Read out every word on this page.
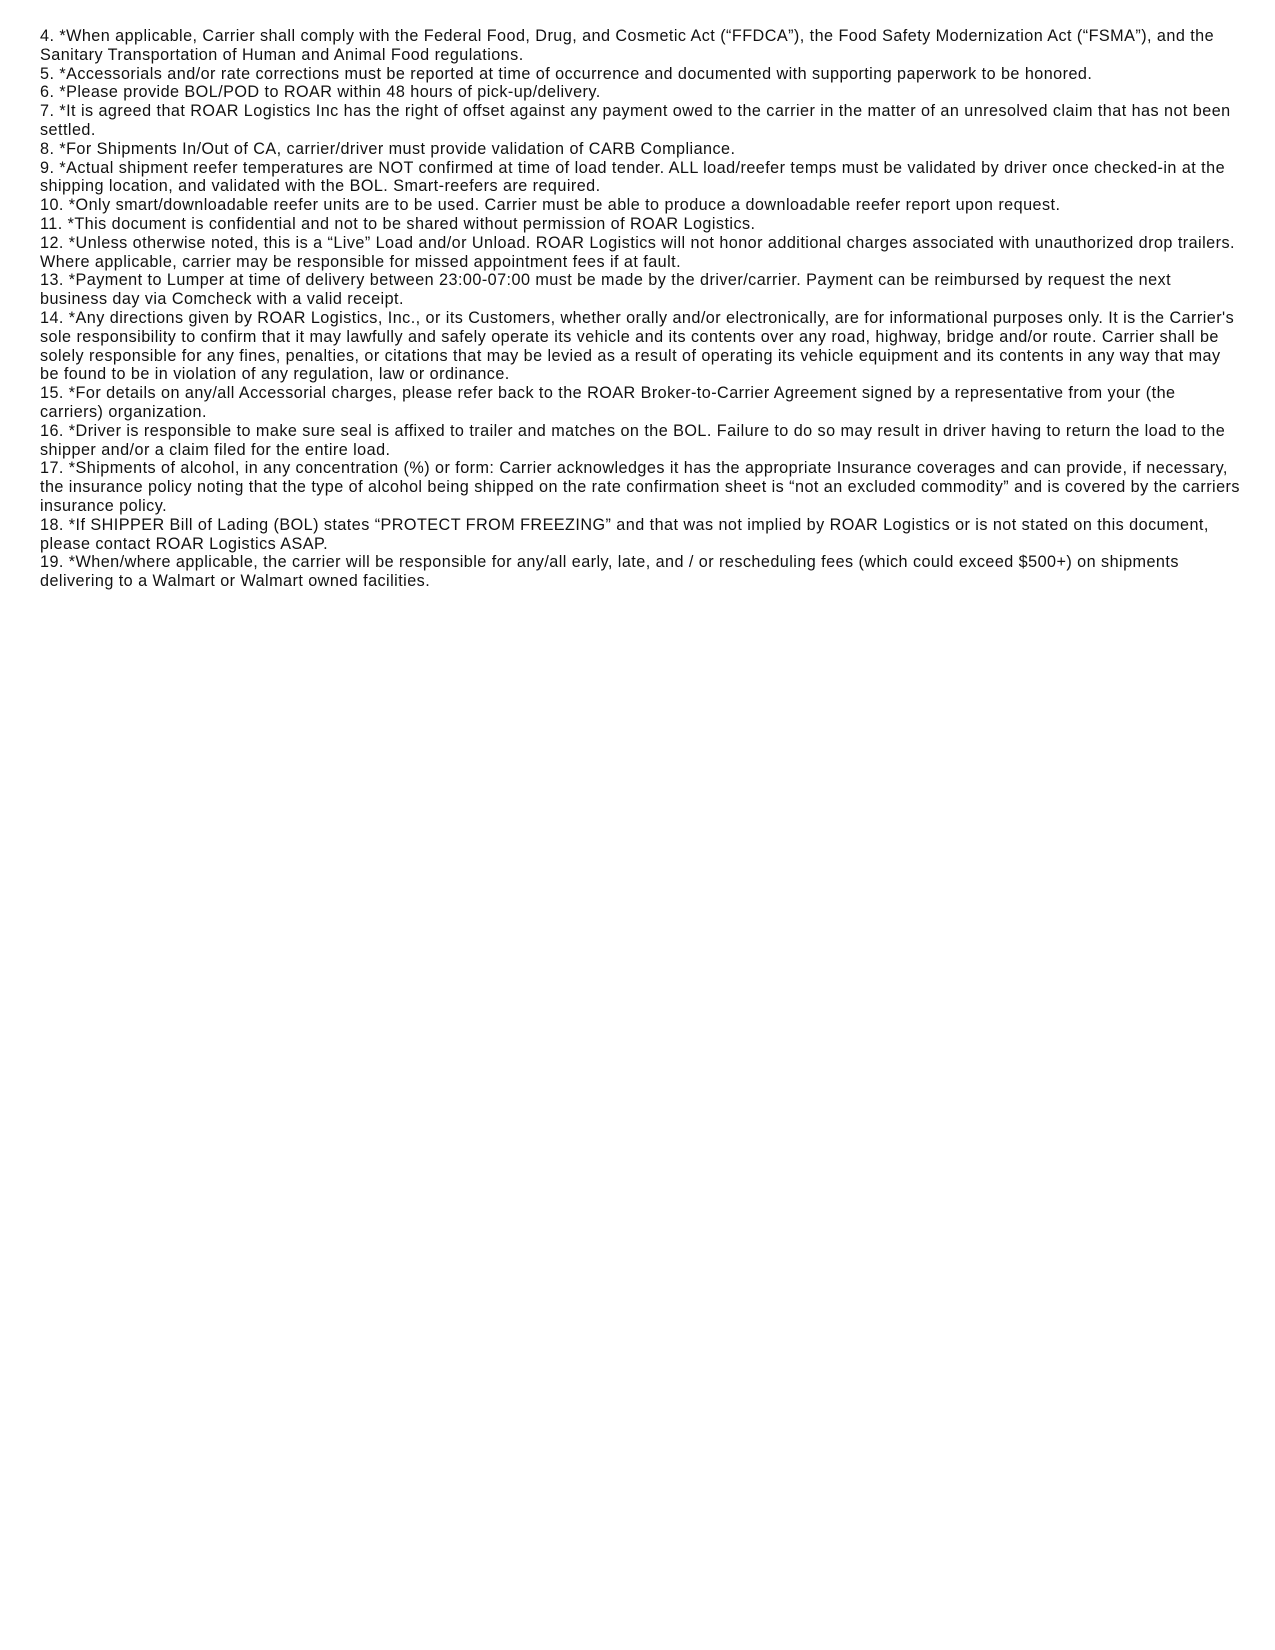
4. *When applicable, Carrier shall comply with the Federal Food, Drug, and Cosmetic Act (“FFDCA”), the Food Safety Modernization Act (“FSMA”), and the Sanitary Transportation of Human and Animal Food regulations.
5. *Accessorials and/or rate corrections must be reported at time of occurrence and documented with supporting paperwork to be honored.
6. *Please provide BOL/POD to ROAR within 48 hours of pick-up/delivery.
7. *It is agreed that ROAR Logistics Inc has the right of offset against any payment owed to the carrier in the matter of an unresolved claim that has not been settled.
8. *For Shipments In/Out of CA, carrier/driver must provide validation of CARB Compliance.
9. *Actual shipment reefer temperatures are NOT confirmed at time of load tender. ALL load/reefer temps must be validated by driver once checked-in at the shipping location, and validated with the BOL. Smart-reefers are required.
10. *Only smart/downloadable reefer units are to be used. Carrier must be able to produce a downloadable reefer report upon request.
11. *This document is confidential and not to be shared without permission of ROAR Logistics.
12. *Unless otherwise noted, this is a “Live” Load and/or Unload. ROAR Logistics will not honor additional charges associated with unauthorized drop trailers. Where applicable, carrier may be responsible for missed appointment fees if at fault.
13. *Payment to Lumper at time of delivery between 23:00-07:00 must be made by the driver/carrier. Payment can be reimbursed by request the next business day via Comcheck with a valid receipt.
14. *Any directions given by ROAR Logistics, Inc., or its Customers, whether orally and/or electronically, are for informational purposes only. It is the Carrier's sole responsibility to confirm that it may lawfully and safely operate its vehicle and its contents over any road, highway, bridge and/or route. Carrier shall be solely responsible for any fines, penalties, or citations that may be levied as a result of operating its vehicle equipment and its contents in any way that may be found to be in violation of any regulation, law or ordinance.
15. *For details on any/all Accessorial charges, please refer back to the ROAR Broker-to-Carrier Agreement signed by a representative from your (the carriers) organization.
16. *Driver is responsible to make sure seal is affixed to trailer and matches on the BOL. Failure to do so may result in driver having to return the load to the shipper and/or a claim filed for the entire load.
17. *Shipments of alcohol, in any concentration (%) or form: Carrier acknowledges it has the appropriate Insurance coverages and can provide, if necessary, the insurance policy noting that the type of alcohol being shipped on the rate confirmation sheet is “not an excluded commodity” and is covered by the carriers insurance policy.
18. *If SHIPPER Bill of Lading (BOL) states “PROTECT FROM FREEZING” and that was not implied by ROAR Logistics or is not stated on this document, please contact ROAR Logistics ASAP.
19. *When/where applicable, the carrier will be responsible for any/all early, late, and / or rescheduling fees (which could exceed $500+) on shipments delivering to a Walmart or Walmart owned facilities.
